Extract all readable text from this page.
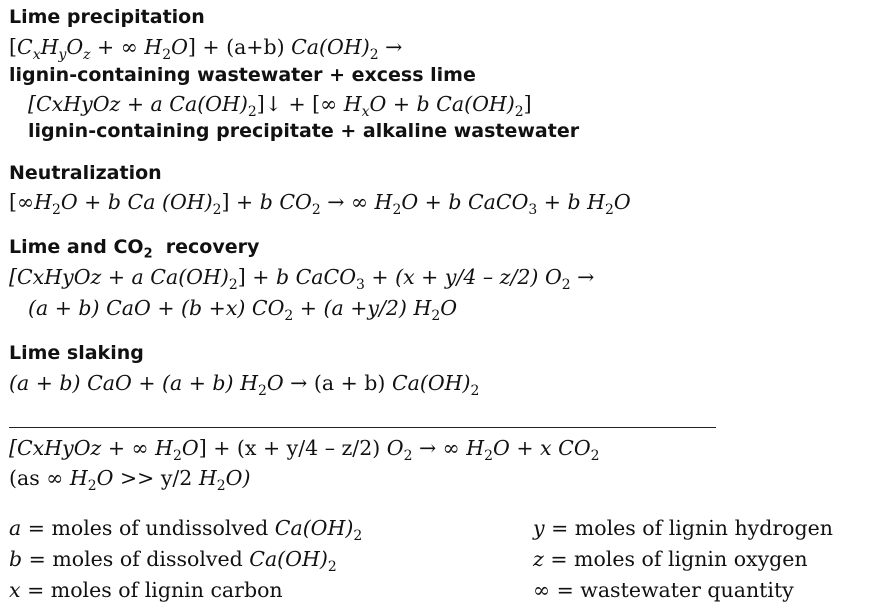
Lime precipitation
[$C_xH_yO_z$ + ∞ $H_2O] + (a+b) Ca(OH)_2$ →
lignin-containing wastewater + excess lime
[CxHyOz + a $Ca(OH)_2]↓$ + [∞ $H_xO + b$ $Ca(OH)_2$]
lignin-containing precipitate + alkaline wastewater
Neutralization
[$\infty H_2O + b$ Ca $(OH)_2] + b$ $CO_2$ → ∞ $H_2O + b$ CaCO$_3$ + b $H_2O$
Lime and $CO_2$  recovery
[CxHyOz + a $Ca(OH)_2] + b$ CaCO$_3$ + (x + y/4 – z/2) $O_2$ →
(a + b) CaO + (b +x) $CO_2 + (a +y/2)$ $H_2O$
Lime slaking
(a + b) CaO + (a + b) $H_2O \to (a + b)$ $Ca(OH)_2$
[CxHyOz + ∞ $H_2O] + (x + y/4 - z/2) O_2$ → ∞ $H_2O + x$ $CO_2$
(as ∞ $H_2O >> y/2$ $H_2O$)
a = moles of undissolved $Ca(OH)_2$
b = moles of dissolved $Ca(OH)_2$
x = moles of lignin carbon
y = moles of lignin hydrogen
z = moles of lignin oxygen
∞ = wastewater quantity
